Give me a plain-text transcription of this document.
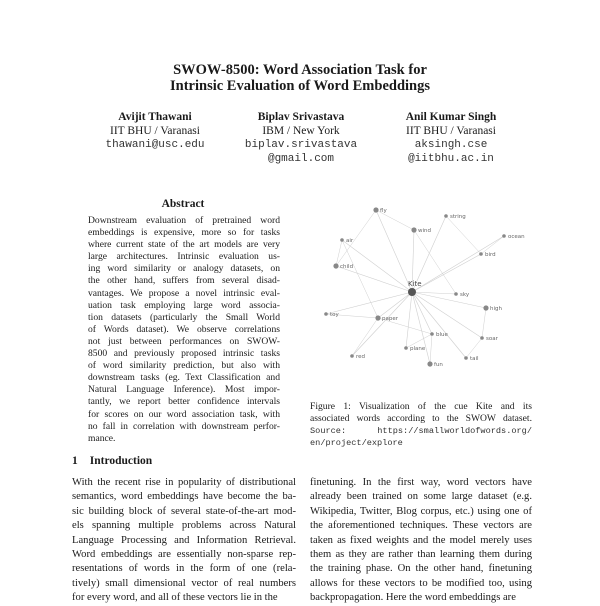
SWOW-8500: Word Association Task for
Intrinsic Evaluation of Word Embeddings
Avijit Thawani
IIT BHU / Varanasi
thawani@usc.edu
Biplav Srivastava
IBM / New York
biplav.srivastava
@gmail.com
Anil Kumar Singh
IIT BHU / Varanasi
aksingh.cse
@iitbhu.ac.in
Abstract
Downstream evaluation of pretrained word
embeddings is expensive, more so for tasks
where current state of the art models are very
large architectures. Intrinsic evaluation us-
ing word similarity or analogy datasets, on
the other hand, suffers from several disad-
vantages. We propose a novel intrinsic eval-
uation task employing large word associa-
tion datasets (particularly the Small World
of Words dataset). We observe correlations
not just between performances on SWOW-
8500 and previously proposed intrinsic tasks
of word similarity prediction, but also with
downstream tasks (eg. Text Classification and
Natural Language Inference). Most impor-
tantly, we report better confidence intervals
for scores on our word association task, with
no fall in correlation with downstream perfor-
mance.
fly
string
air
wind
bird
sky
high
toy
red
fun
tail
soar
paper
blue
plane
child
ocean
Kite
Figure 1: Visualization of the cue Kite and its
associated words according to the SWOW dataset.
Source: https://smallworldofwords.org/
en/project/explore
1 Introduction
With the recent rise in popularity of distributional
semantics, word embeddings have become the ba-
sic building block of several state-of-the-art mod-
els spanning multiple problems across Natural
Language Processing and Information Retrieval.
Word embeddings are essentially non-sparse rep-
resentations of words in the form of one (rela-
tively) small dimensional vector of real numbers
for every word, and all of these vectors lie in the
finetuning. In the first way, word vectors have
already been trained on some large dataset (e.g.
Wikipedia, Twitter, Blog corpus, etc.) using one of
the aforementioned techniques. These vectors are
taken as fixed weights and the model merely uses
them as they are rather than learning them during
the training phase. On the other hand, finetuning
allows for these vectors to be modified too, using
backpropagation. Here the word embeddings are
